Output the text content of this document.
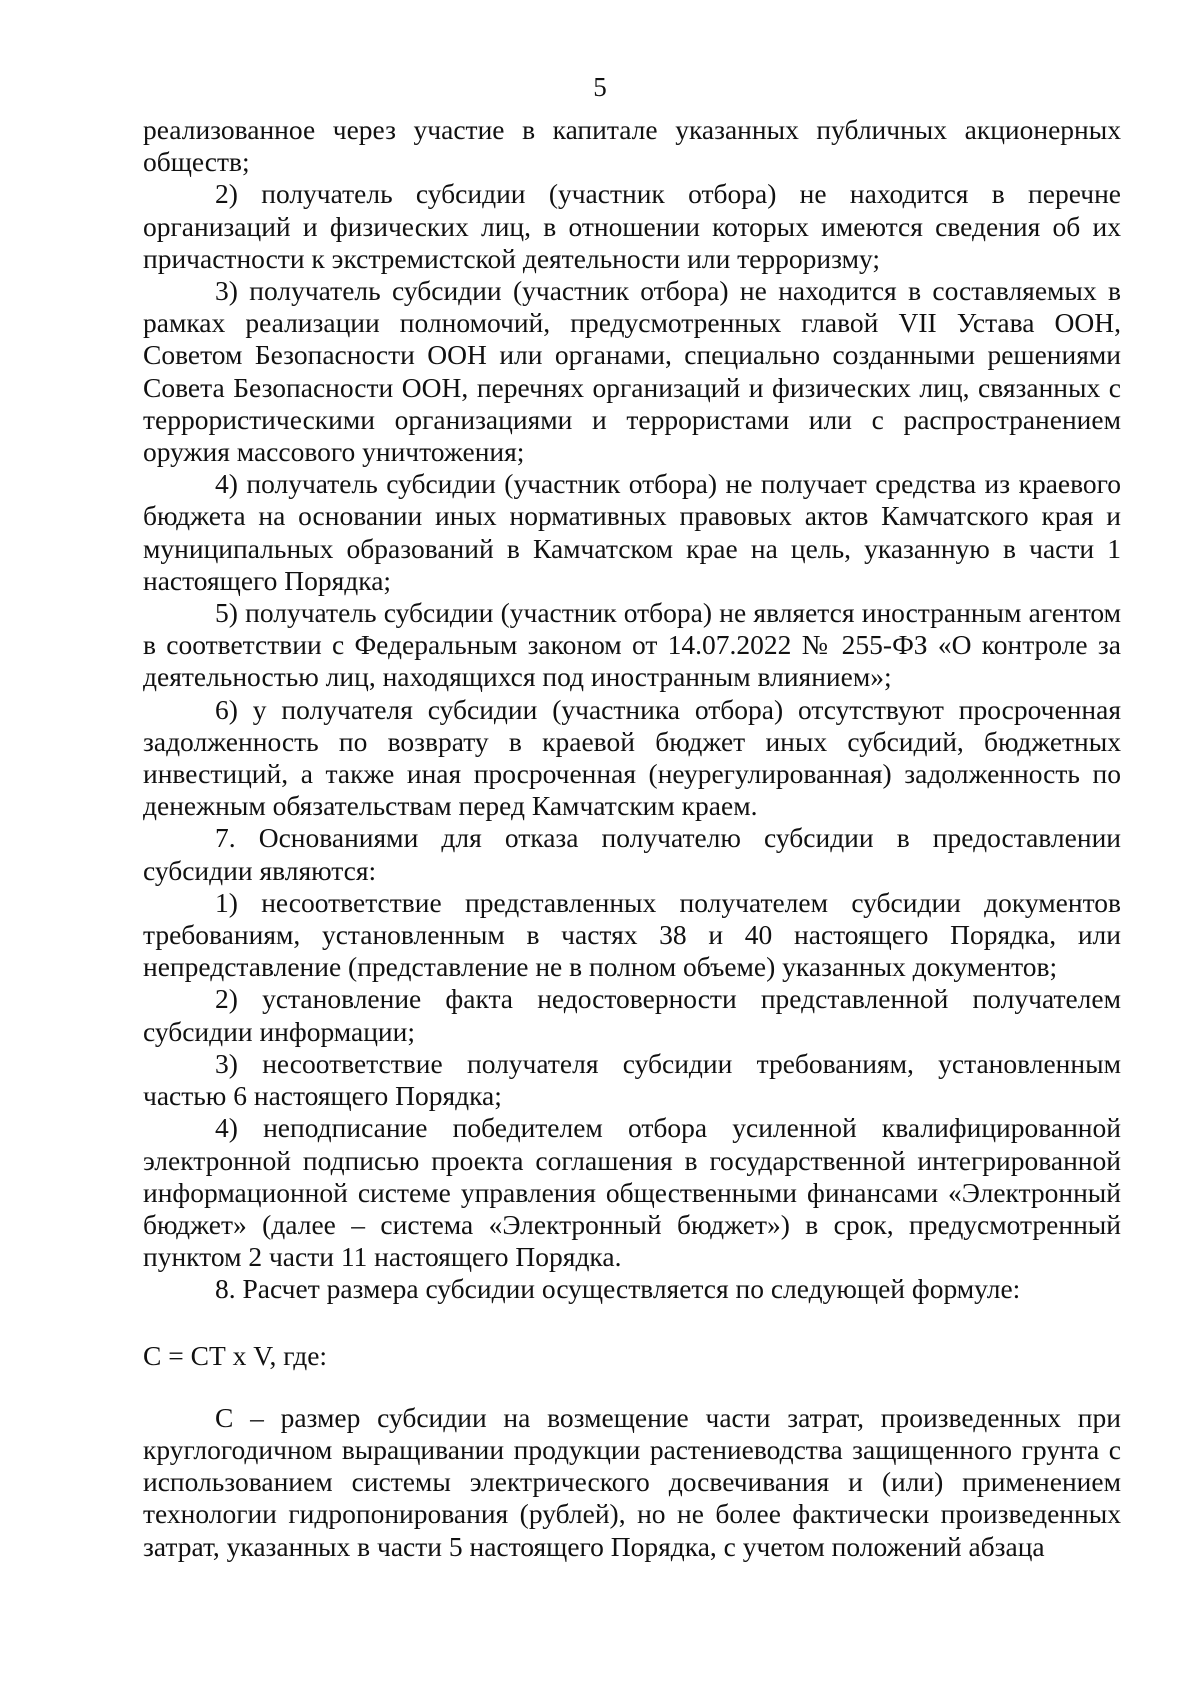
5

реализованное через участие в капитале указанных публичных акционерных обществ;

2) получатель субсидии (участник отбора) не находится в перечне организаций и физических лиц, в отношении которых имеются сведения об их причастности к экстремистской деятельности или терроризму;

3) получатель субсидии (участник отбора) не находится в составляемых в рамках реализации полномочий, предусмотренных главой VII Устава ООН, Советом Безопасности ООН или органами, специально созданными решениями Совета Безопасности ООН, перечнях организаций и физических лиц, связанных с террористическими организациями и террористами или с распространением оружия массового уничтожения;

4) получатель субсидии (участник отбора) не получает средства из краевого бюджета на основании иных нормативных правовых актов Камчатского края и муниципальных образований в Камчатском крае на цель, указанную в части 1 настоящего Порядка;

5) получатель субсидии (участник отбора) не является иностранным агентом в соответствии с Федеральным законом от 14.07.2022 № 255-ФЗ «О контроле за деятельностью лиц, находящихся под иностранным влиянием»;

6) у получателя субсидии (участника отбора) отсутствуют просроченная задолженность по возврату в краевой бюджет иных субсидий, бюджетных инвестиций, а также иная просроченная (неурегулированная) задолженность по денежным обязательствам перед Камчатским краем.

7. Основаниями для отказа получателю субсидии в предоставлении субсидии являются:

1) несоответствие представленных получателем субсидии документов требованиям, установленным в частях 38 и 40 настоящего Порядка, или непредставление (представление не в полном объеме) указанных документов;

2) установление факта недостоверности представленной получателем субсидии информации;

3) несоответствие получателя субсидии требованиям, установленным частью 6 настоящего Порядка;

4) неподписание победителем отбора усиленной квалифицированной электронной подписью проекта соглашения в государственной интегрированной информационной системе управления общественными финансами «Электронный бюджет» (далее – система «Электронный бюджет») в срок, предусмотренный пунктом 2 части 11 настоящего Порядка.

8. Расчет размера субсидии осуществляется по следующей формуле:

С = СТ х V, где:

С – размер субсидии на возмещение части затрат, произведенных при круглогодичном выращивании продукции растениеводства защищенного грунта с использованием системы электрического досвечивания и (или) применением технологии гидропонирования (рублей), но не более фактически произведенных затрат, указанных в части 5 настоящего Порядка, с учетом положений абзаца
